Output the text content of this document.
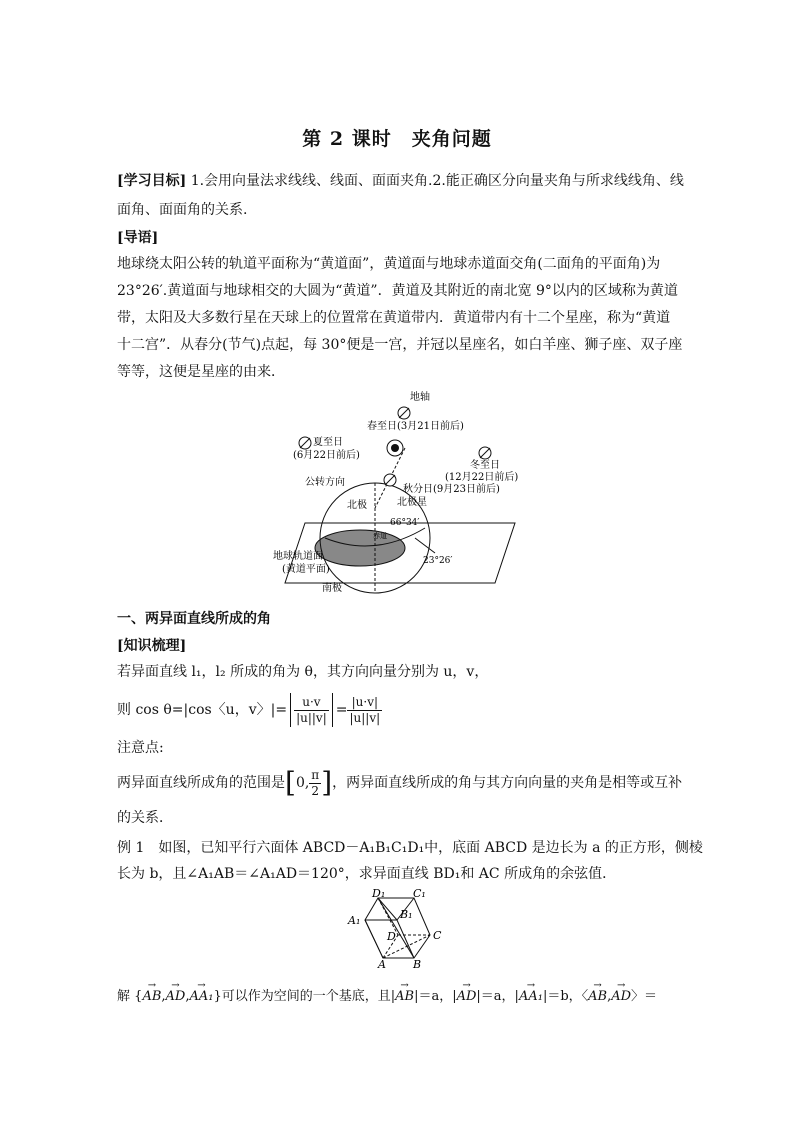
第 2 课时　夹角问题
[学习目标] 1.会用向量法求线线、线面、面面夹角.2.能正确区分向量夹角与所求线线角、线
面角、面面角的关系.
[导语]
地球绕太阳公转的轨道平面称为“黄道面”，黄道面与地球赤道面交角(二面角的平面角)为
23°26′.黄道面与地球相交的大圆为“黄道”．黄道及其附近的南北宽 9°以内的区域称为黄道
带，太阳及大多数行星在天球上的位置常在黄道带内．黄道带内有十二个星座，称为“黄道
十二宫”．从春分(节气)点起，每 30°便是一宫，并冠以星座名，如白羊座、狮子座、双子座
等等，这便是星座的由来．
地轴
春至日(3月21日前后)
夏至日
(6月22日前后)
冬至日
(12月22日前后)
公转方向
秋分日(9月23日前后)
北极	北极星
66°34′
赤道
地球轨道面
(黄道平面)
23°26′
南极
一、两异面直线所成的角
[知识梳理]
若异面直线 l₁，l₂ 所成的角为 θ，其方向向量分别为 u，v，
则 cos θ=|cos〈u，v〉|= $\frac{u\cdot v}{|u||v|} = \frac{|u\cdot v|}{|u||v|}$
注意点:
两异面直线所成角的范围是 [ 0, $\frac{\pi}{2}$ ] ，两异面直线所成的角与其方向向量的夹角是相等或互补
的关系．
例 1　如图，已知平行六面体 ABCD－A₁B₁C₁D₁中，底面 ABCD 是边长为 a 的正方形，侧棱
长为 b，且∠A₁AB＝∠A₁AD＝120°，求异面直线 BD₁和 AC 所成角的余弦值．
D₁	C₁
A₁	B₁
D	C
A B
解 {→ AB,→ AD,→ AA₁}可以作为空间的一个基底，且|→ AB|＝a，|→ AD|＝a，|→ AA₁|＝b，〈→ AB,→ AD〉＝
